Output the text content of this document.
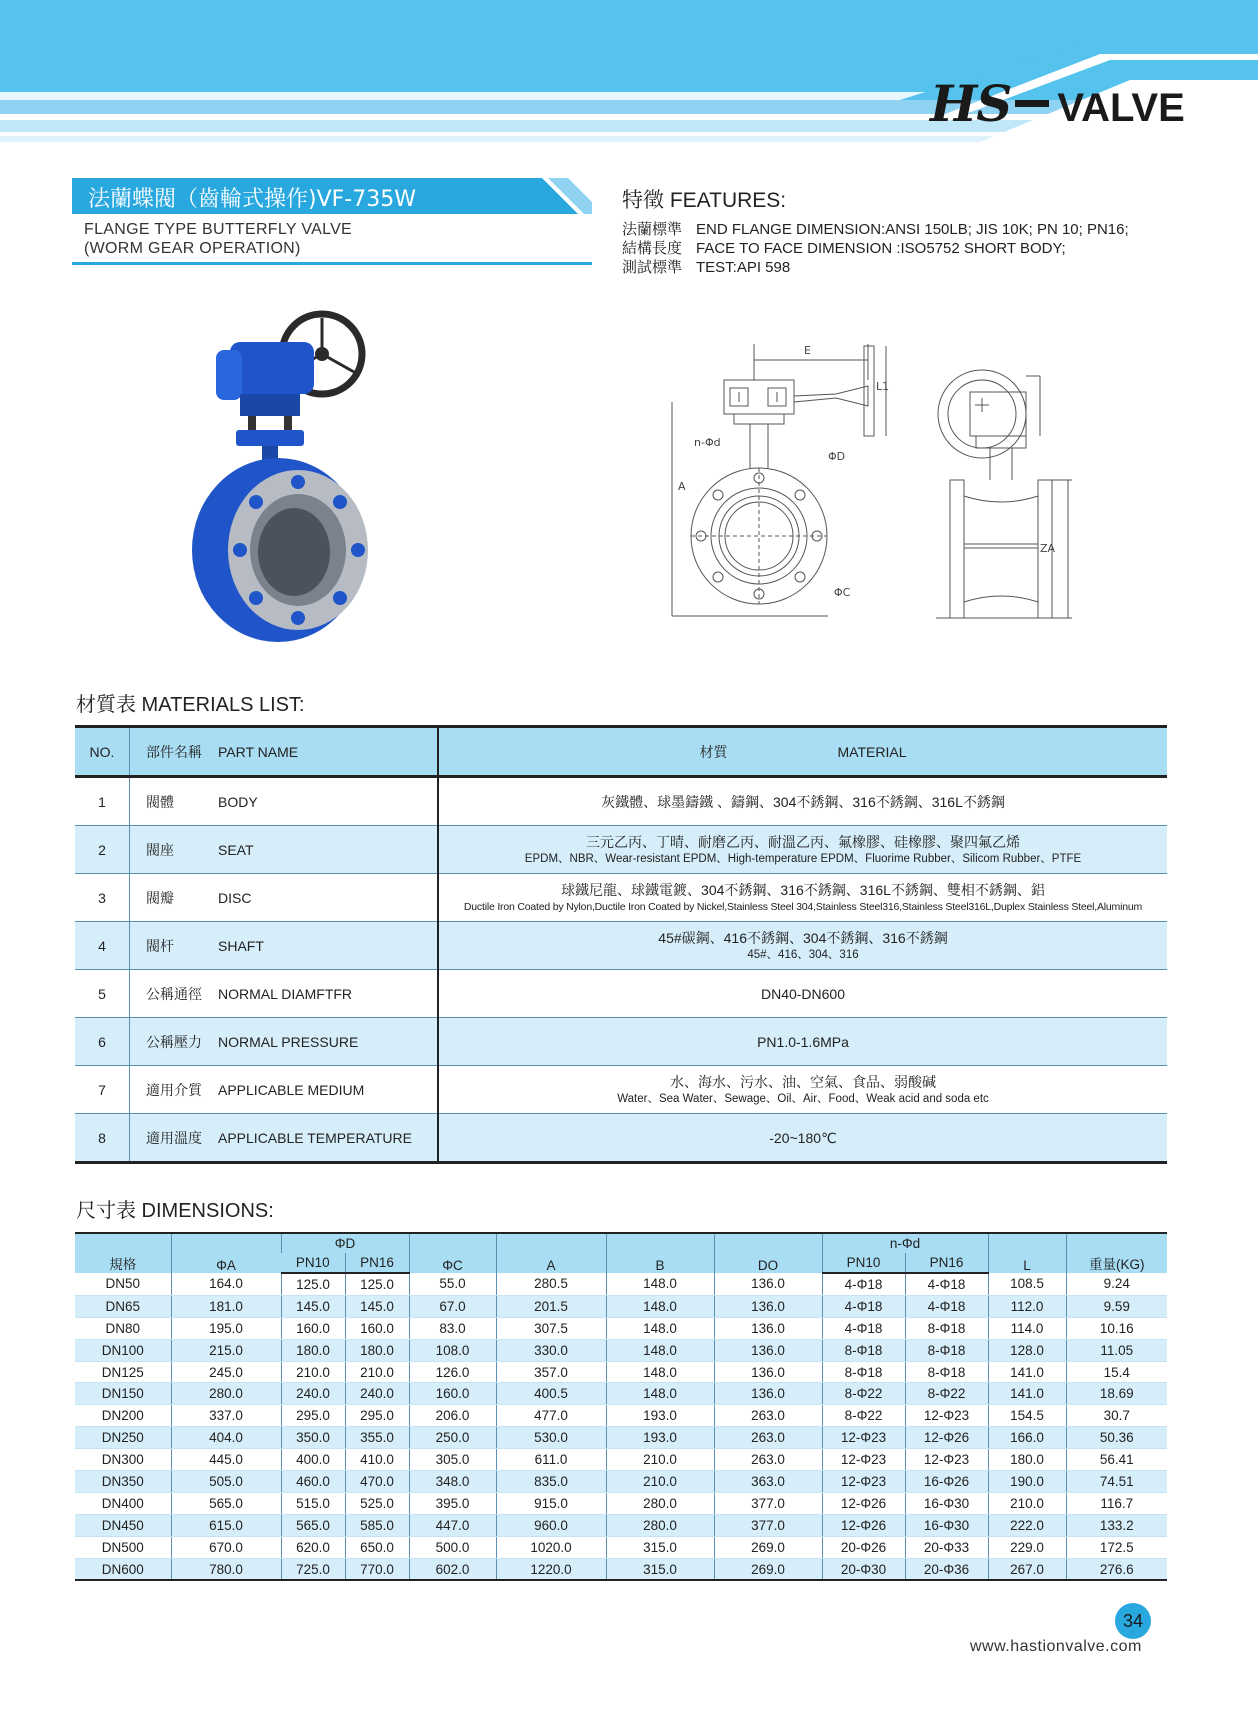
HS VALVE
法蘭蝶閥（齒輪式操作)VF-735W
FLANGE TYPE BUTTERFLY VALVE
(WORM GEAR OPERATION)
特徵 FEATURES:
法蘭標準 END FLANGE DIMENSION:ANSI 150LB; JIS 10K; PN 10; PN16;
結構長度 FACE TO FACE DIMENSION :ISO5752 SHORT BODY;
測試標準 TEST:API 598
E
L1
n-Φd
ΦD
ΦC
A
ZA
材質表 MATERIALS LIST:
NO.	部件名稱 PART NAME	材質 MATERIAL
1	閥體 BODY	灰鐵體、球墨鑄鐵 、鑄鋼、304不銹鋼、316不銹鋼、316L不銹鋼

2	閥座 SEAT	三元乙丙、丁晴、耐磨乙丙、耐溫乙丙、氟橡膠、硅橡膠、聚四氟乙烯
EPDM、NBR、Wear-resistant EPDM、High-temperature EPDM、Fluorime Rubber、Silicom Rubber、PTFE

3	閥瓣 DISC	球鐵尼龍、球鐵電鍍、304不銹鋼、316不銹鋼、316L不銹鋼、雙相不銹鋼、鋁
Ductile Iron Coated by Nylon,Ductile Iron Coated by Nickel,Stainless Steel 304,Stainless Steel316,Stainless Steel316L,Duplex Stainless Steel,Aluminum

4	閥杆 SHAFT	45#碳鋼、416不銹鋼、304不銹鋼、316不銹鋼
45#、416、304、316

5	公稱通徑 NORMAL DIAMFTFR	DN40-DN600

6	公稱壓力 NORMAL PRESSURE	PN1.0-1.6MPa

7	適用介質 APPLICABLE MEDIUM	水、海水、污水、油、空氣、食品、弱酸碱
Water、Sea Water、Sewage、Oil、Air、Food、Weak acid and soda etc

8	適用溫度 APPLICABLE TEMPERATURE	-20~180℃
尺寸表 DIMENSIONS:
規格	ΦA	ΦD		ΦC	A	B	DO	n-Φd		L	重量(KG)
		PN10	PN16					PN10	PN16		
DN50	164.0	125.0	125.0	55.0	280.5	148.0	136.0	4-Φ18	4-Φ18	108.5	9.24
DN65	181.0	145.0	145.0	67.0	201.5	148.0	136.0	4-Φ18	4-Φ18	112.0	9.59
DN80	195.0	160.0	160.0	83.0	307.5	148.0	136.0	4-Φ18	8-Φ18	114.0	10.16
DN100	215.0	180.0	180.0	108.0	330.0	148.0	136.0	8-Φ18	8-Φ18	128.0	11.05
DN125	245.0	210.0	210.0	126.0	357.0	148.0	136.0	8-Φ18	8-Φ18	141.0	15.4
DN150	280.0	240.0	240.0	160.0	400.5	148.0	136.0	8-Φ22	8-Φ22	141.0	18.69
DN200	337.0	295.0	295.0	206.0	477.0	193.0	263.0	8-Φ22	12-Φ23	154.5	30.7
DN250	404.0	350.0	355.0	250.0	530.0	193.0	263.0	12-Φ23	12-Φ26	166.0	50.36
DN300	445.0	400.0	410.0	305.0	611.0	210.0	263.0	12-Φ23	12-Φ23	180.0	56.41
DN350	505.0	460.0	470.0	348.0	835.0	210.0	363.0	12-Φ23	16-Φ26	190.0	74.51
DN400	565.0	515.0	525.0	395.0	915.0	280.0	377.0	12-Φ26	16-Φ30	210.0	116.7
DN450	615.0	565.0	585.0	447.0	960.0	280.0	377.0	12-Φ26	16-Φ30	222.0	133.2
DN500	670.0	620.0	650.0	500.0	1020.0	315.0	269.0	20-Φ26	20-Φ33	229.0	172.5
DN600	780.0	725.0	770.0	602.0	1220.0	315.0	269.0	20-Φ30	20-Φ36	267.0	276.6
34
www.hastionvalve.com
